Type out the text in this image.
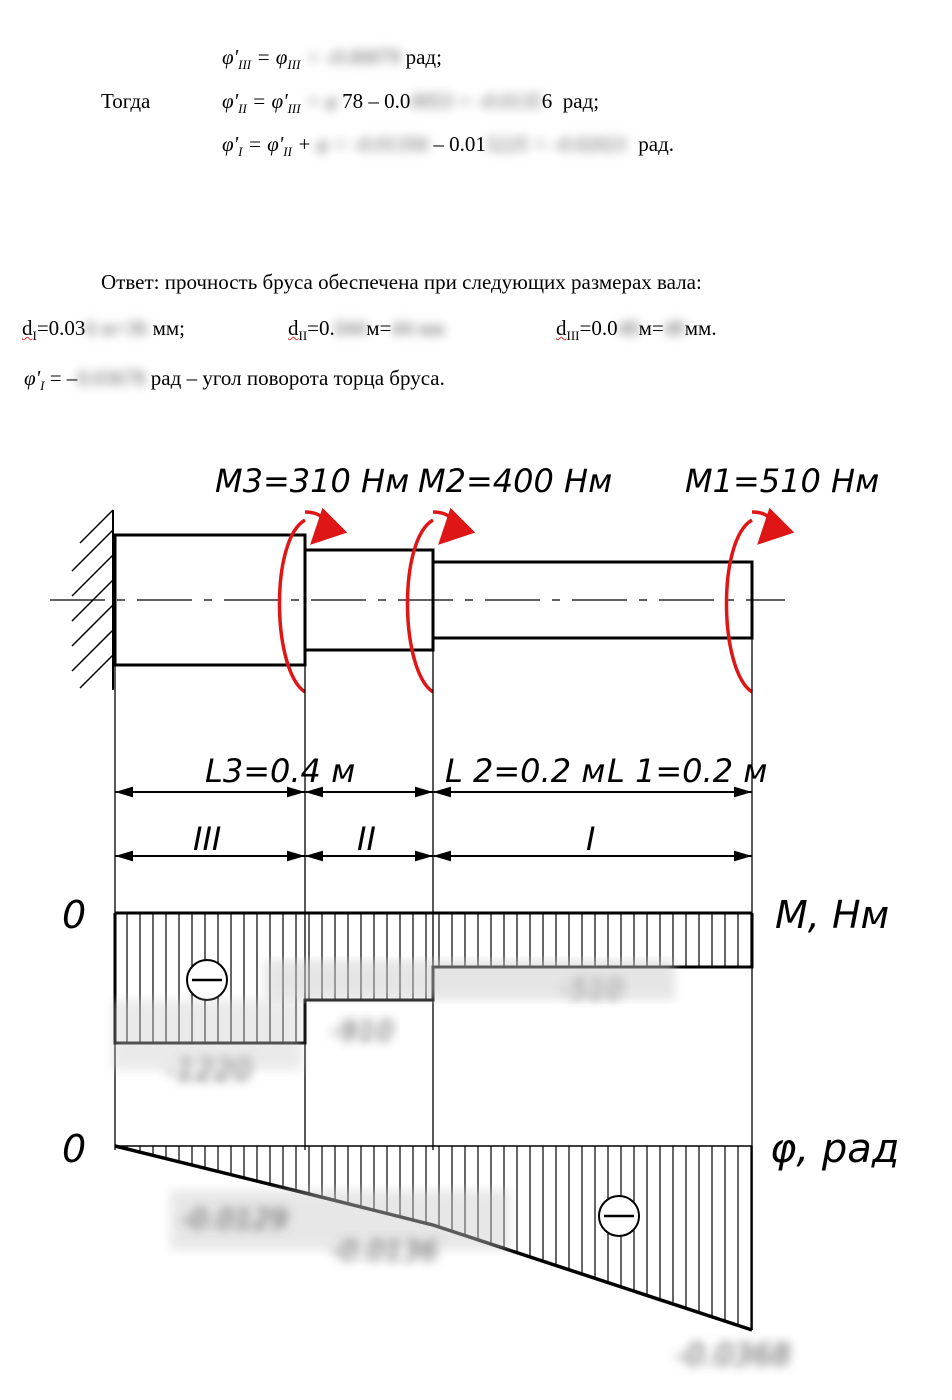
$\varphi'_{III} = \varphi_{III} = -0.00079$ рад;
Тогда	$\varphi'_{II} = \varphi'_{III} + \varphi$ 78 – 0.00053 = -0.01356 рад;
$\varphi'_I = \varphi'_{II} + \varphi = -0.01356 - 0.015225 = -0.02021$ рад.
Ответ: прочность бруса обеспечена при следующих размерах вала:
$d_I=0.036$ м=36 мм;	$d_{II}=0.044м=44$ мм	$d_{III}=0.048м=48мм$.
$\varphi'_I = -0.03678$ рад – угол поворота торца бруса.
M3=310 Hм M2=400 Hм M1=510 Hм
L3=0.4 м	L 2=0.2 м L 1=0.2 м
III	II	I
0	M, Hм
-910
-1220
0	φ, рад
-0.0129
-0.0136
-0.0368
